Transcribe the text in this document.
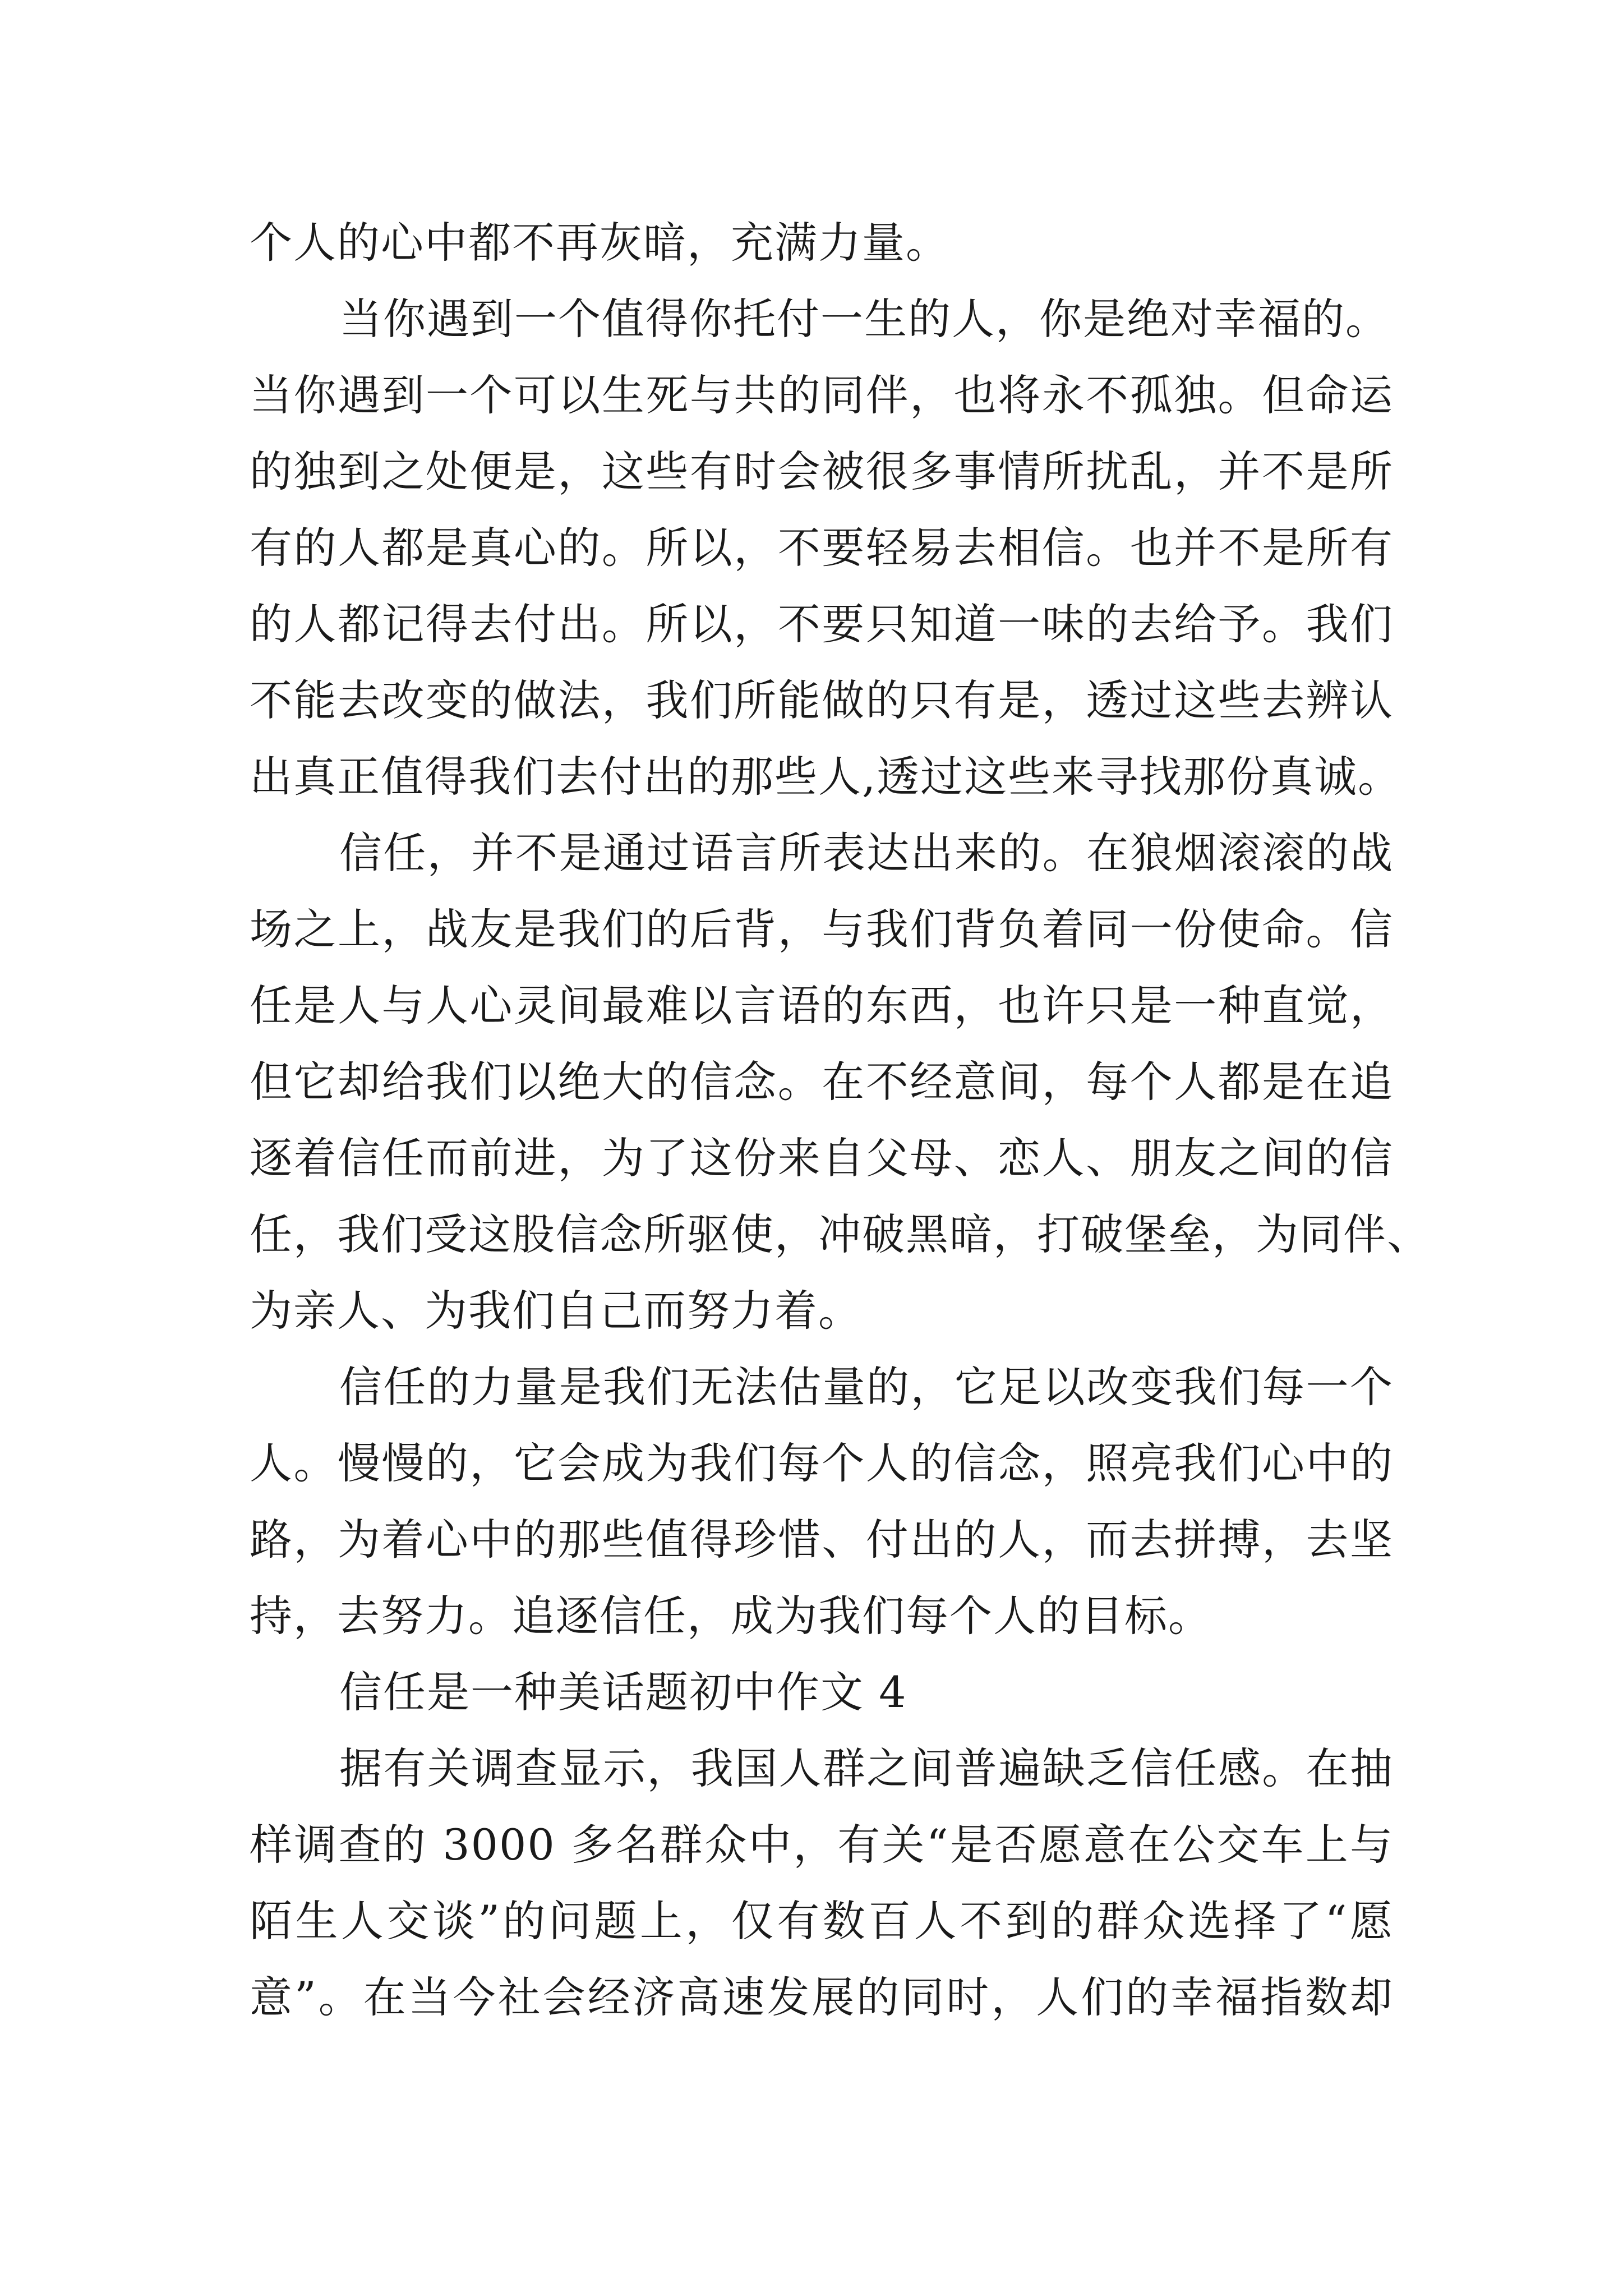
个人的心中都不再灰暗，充满力量。
当你遇到一个值得你托付一生的人，你是绝对幸福的。
当你遇到一个可以生死与共的同伴，也将永不孤独。但命运
的独到之处便是，这些有时会被很多事情所扰乱，并不是所
有的人都是真心的。所以，不要轻易去相信。也并不是所有
的人都记得去付出。所以，不要只知道一味的去给予。我们
不能去改变的做法，我们所能做的只有是，透过这些去辨认
出真正值得我们去付出的那些人,透过这些来寻找那份真诚。
信任，并不是通过语言所表达出来的。在狼烟滚滚的战
场之上，战友是我们的后背，与我们背负着同一份使命。信
任是人与人心灵间最难以言语的东西，也许只是一种直觉，
但它却给我们以绝大的信念。在不经意间，每个人都是在追
逐着信任而前进，为了这份来自父母、恋人、朋友之间的信
任，我们受这股信念所驱使，冲破黑暗，打破堡垒，为同伴、
为亲人、为我们自己而努力着。
信任的力量是我们无法估量的，它足以改变我们每一个
人。慢慢的，它会成为我们每个人的信念，照亮我们心中的
路，为着心中的那些值得珍惜、付出的人，而去拼搏，去坚
持，去努力。追逐信任，成为我们每个人的目标。
信任是一种美话题初中作文 4
据有关调查显示，我国人群之间普遍缺乏信任感。在抽
样调查的 3000 多名群众中，有关“是否愿意在公交车上与
陌生人交谈”的问题上，仅有数百人不到的群众选择了“愿
意”。在当今社会经济高速发展的同时，人们的幸福指数却
